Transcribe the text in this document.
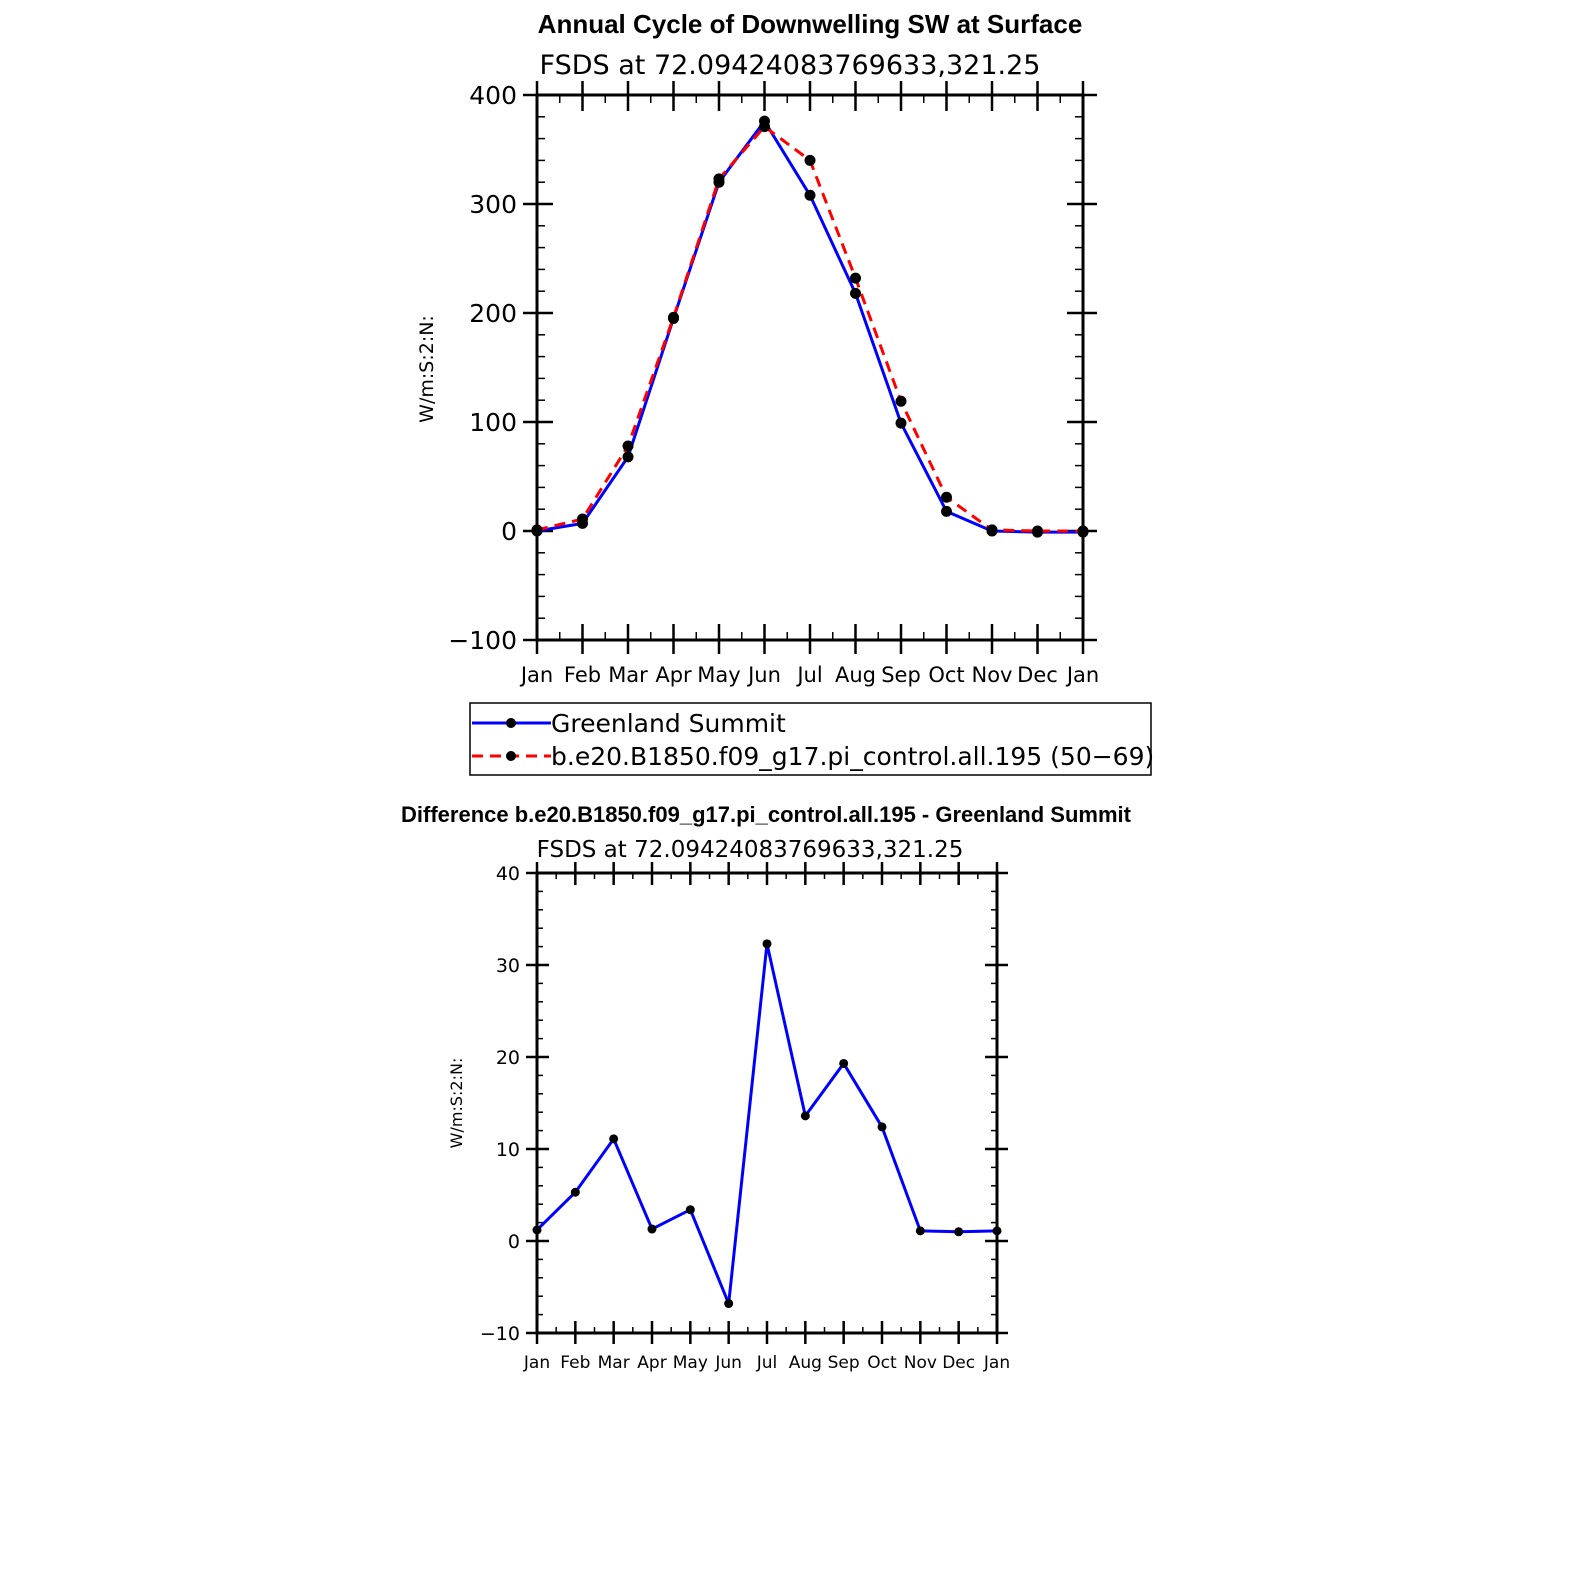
Annual Cycle of Downwelling SW at Surface
FSDS at 72.09424083769633,321.25
W/m:S:2:N:
−100
0
100
200
300
400
Jan Feb Mar Apr May Jun Jul Aug Sep Oct Nov Dec Jan
Greenland Summit
b.e20.B1850.f09_g17.pi_control.all.195 (50−69)
Difference b.e20.B1850.f09_g17.pi_control.all.195 - Greenland Summit
FSDS at 72.09424083769633,321.25
W/m:S:2:N:
−10
0
10
20
30
40
Jan Feb Mar Apr May Jun Jul Aug Sep Oct Nov Dec Jan
